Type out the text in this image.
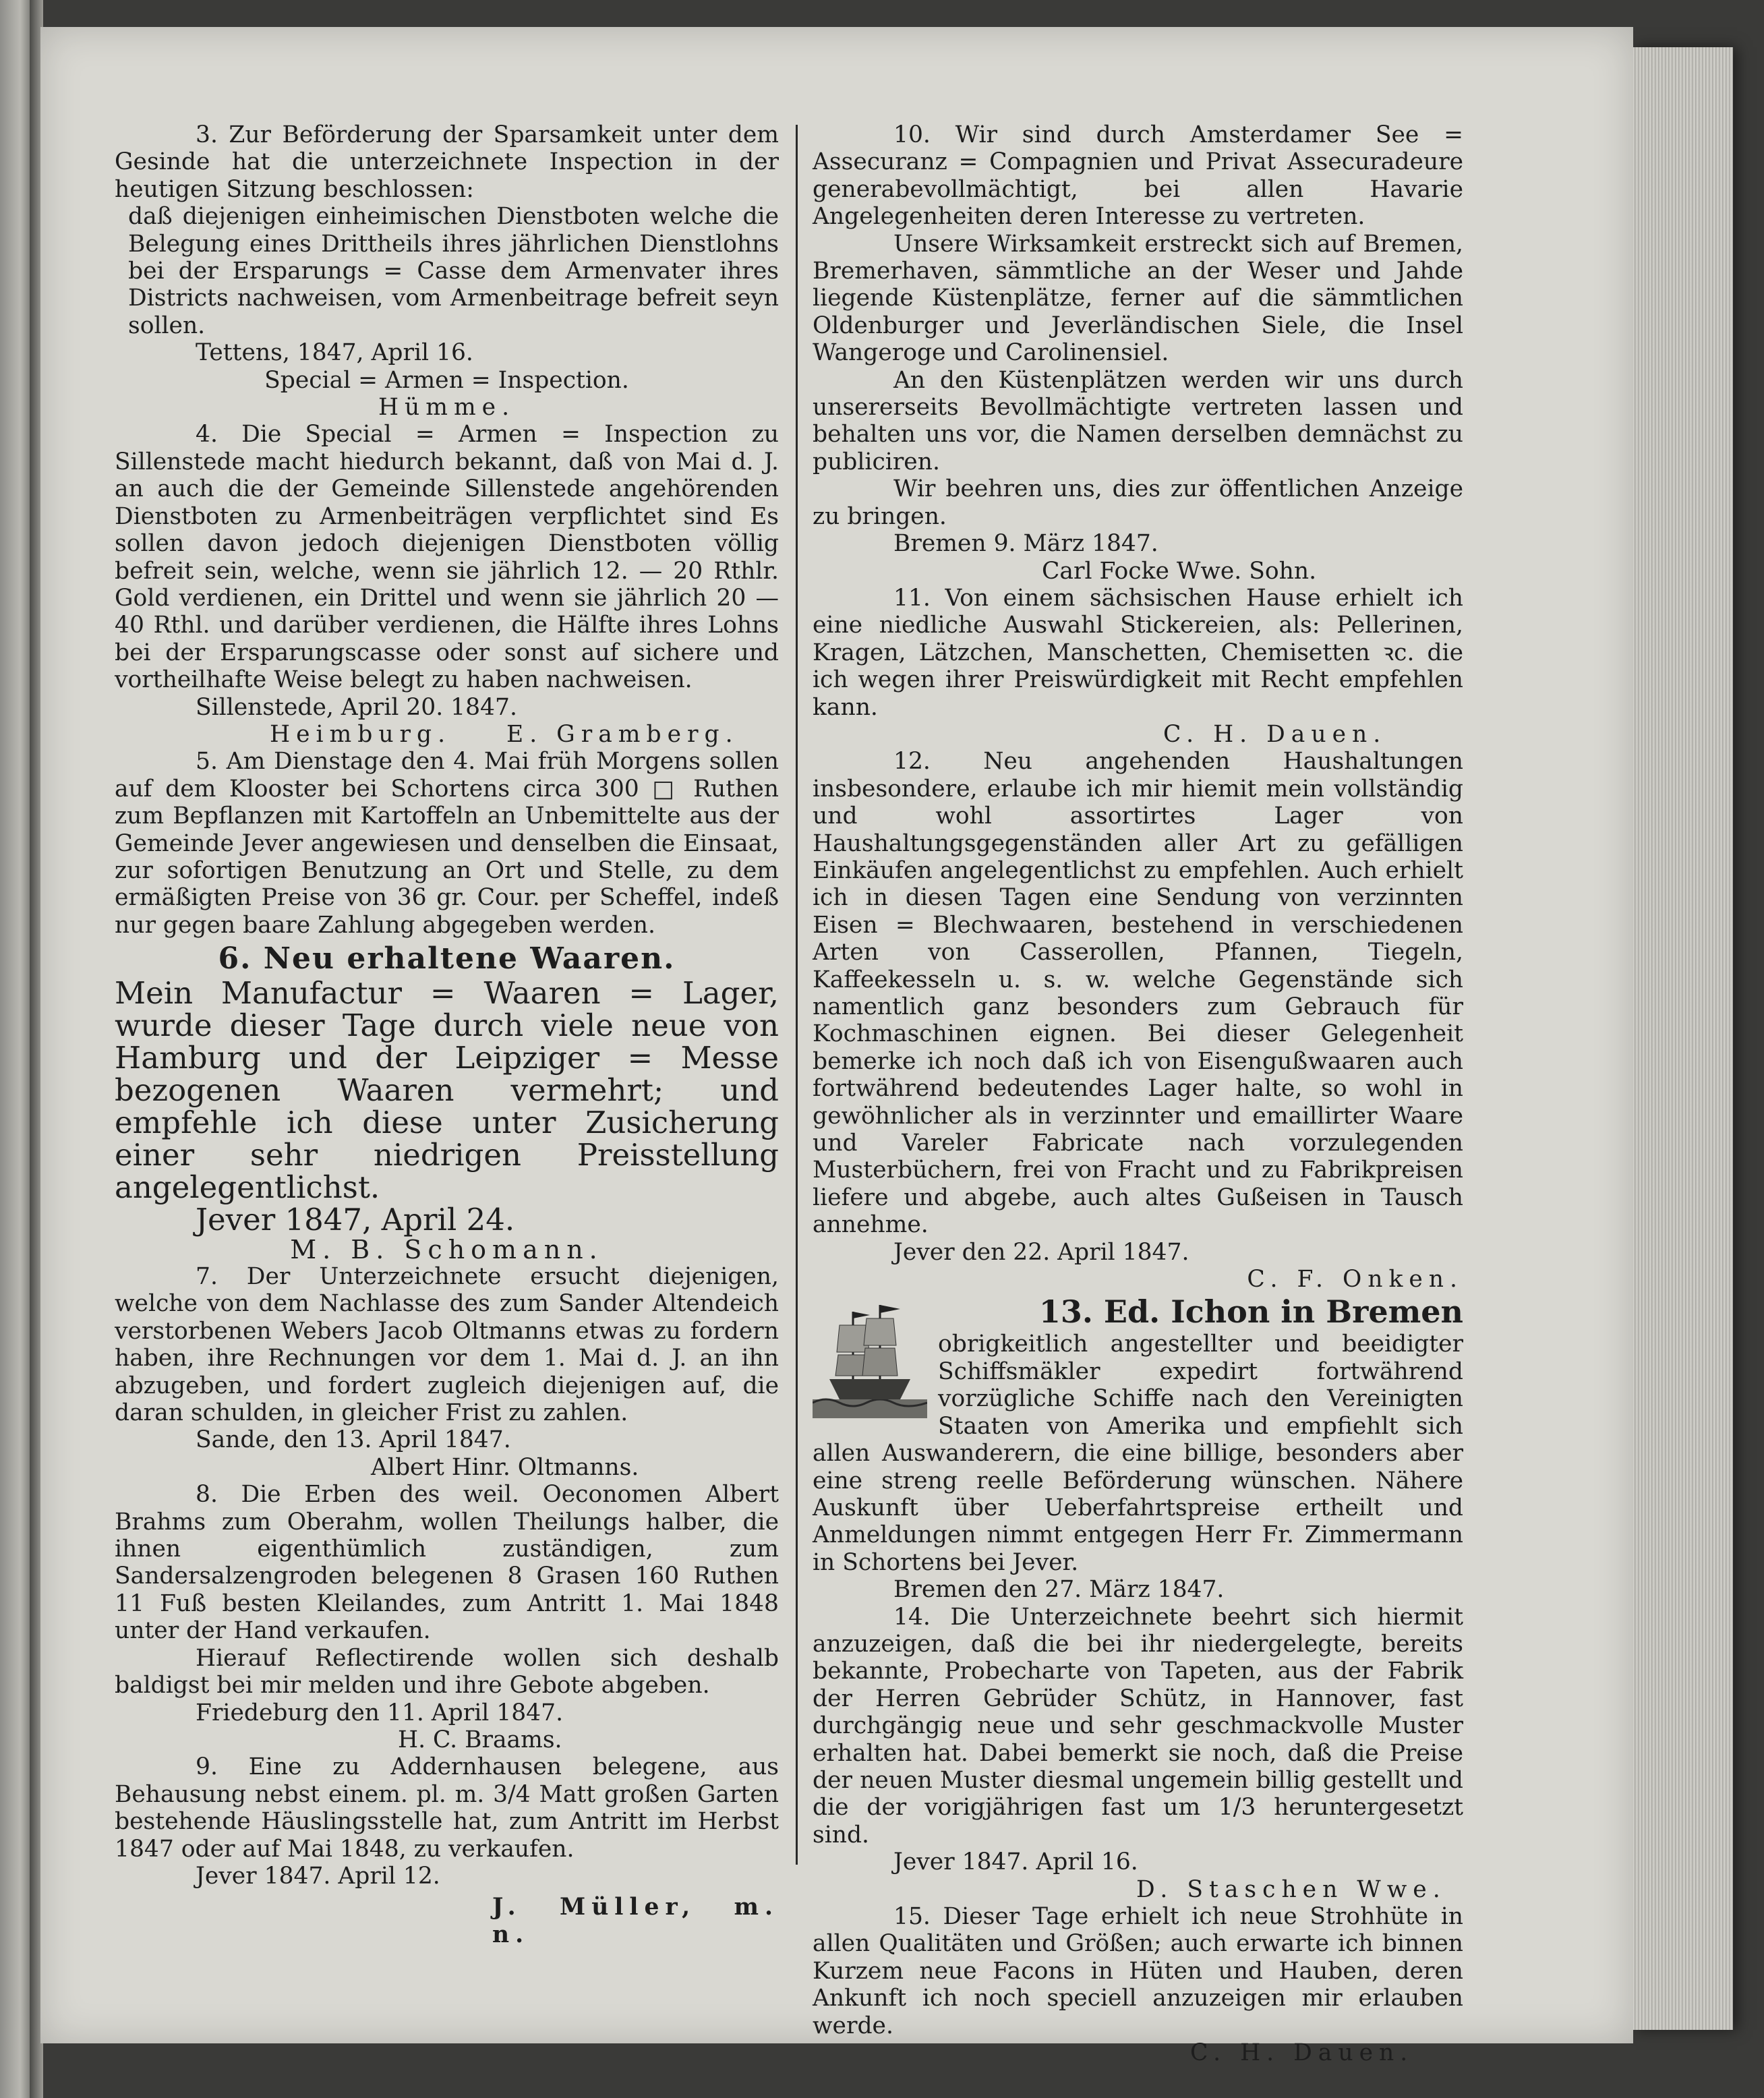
3. Zur Beförderung der Sparsamkeit unter dem Gesinde hat die unterzeichnete Inspection in der heutigen Sitzung beschlossen:

daß diejenigen einheimischen Dienstboten welche die Belegung eines Drittheils ihres jährlichen Dienstlohns bei der Ersparungs = Casse dem Armenvater ihres Districts nachweisen, vom Armenbeitrage befreit seyn sollen.

Tettens, 1847, April 16.

Special = Armen = Inspection.

Hümme.

4. Die Special = Armen = Inspection zu Sillenstede macht hiedurch bekannt, daß von Mai d. J. an auch die der Gemeinde Sillenstede angehörenden Dienstboten zu Armenbeiträgen verpflichtet sind Es sollen davon jedoch diejenigen Dienstboten völlig befreit sein, welche, wenn sie jährlich 12. — 20 Rthlr. Gold verdienen, ein Drittel und wenn sie jährlich 20 — 40 Rthl. und darüber verdienen, die Hälfte ihres Lohns bei der Ersparungscasse oder sonst auf sichere und vortheilhafte Weise belegt zu haben nachweisen.

Sillenstede, April 20. 1847.

Heimburg. E. Gramberg.

5. Am Dienstage den 4. Mai früh Morgens sollen auf dem Klooster bei Schortens circa 300 □ Ruthen zum Bepflanzen mit Kartoffeln an Unbemittelte aus der Gemeinde Jever angewiesen und denselben die Einsaat, zur sofortigen Benutzung an Ort und Stelle, zu dem ermäßigten Preise von 36 gr. Cour. per Scheffel, indeß nur gegen baare Zahlung abgegeben werden.

6. Neu erhaltene Waaren.

Mein Manufactur = Waaren = Lager, wurde dieser Tage durch viele neue von Hamburg und der Leipziger = Messe bezogenen Waaren vermehrt; und empfehle ich diese unter Zusicherung einer sehr niedrigen Preisstellung angelegentlichst.

Jever 1847, April 24.

M. B. Schomann.

7. Der Unterzeichnete ersucht diejenigen, welche von dem Nachlasse des zum Sander Altendeich verstorbenen Webers Jacob Oltmanns etwas zu fordern haben, ihre Rechnungen vor dem 1. Mai d. J. an ihn abzugeben, und fordert zugleich diejenigen auf, die daran schulden, in gleicher Frist zu zahlen.

Sande, den 13. April 1847.

Albert Hinr. Oltmanns.

8. Die Erben des weil. Oeconomen Albert Brahms zum Oberahm, wollen Theilungs halber, die ihnen eigenthümlich zuständigen, zum Sandersalzengroden belegenen 8 Grasen 160 Ruthen 11 Fuß besten Kleilandes, zum Antritt 1. Mai 1848 unter der Hand verkaufen.

Hierauf Reflectirende wollen sich deshalb baldigst bei mir melden und ihre Gebote abgeben.

Friedeburg den 11. April 1847.

H. C. Braams.

9. Eine zu Addernhausen belegene, aus Behausung nebst einem. pl. m. 3/4 Matt großen Garten bestehende Häuslingsstelle hat, zum Antritt im Herbst 1847 oder auf Mai 1848, zu verkaufen.

Jever 1847. April 12.

J. Müller, m. n.

10. Wir sind durch Amsterdamer See = Assecuranz = Compagnien und Privat Assecuradeure generabevollmächtigt, bei allen Havarie Angelegenheiten deren Interesse zu vertreten.

Unsere Wirksamkeit erstreckt sich auf Bremen, Bremerhaven, sämmtliche an der Weser und Jahde liegende Küstenplätze, ferner auf die sämmtlichen Oldenburger und Jeverländischen Siele, die Insel Wangeroge und Carolinensiel.

An den Küstenplätzen werden wir uns durch unsererseits Bevollmächtigte vertreten lassen und behalten uns vor, die Namen derselben demnächst zu publiciren.

Wir beehren uns, dies zur öffentlichen Anzeige zu bringen.

Bremen 9. März 1847.

Carl Focke Wwe. Sohn.

11. Von einem sächsischen Hause erhielt ich eine niedliche Auswahl Stickereien, als: Pellerinen, Kragen, Lätzchen, Manschetten, Chemisetten ꝛc. die ich wegen ihrer Preiswürdigkeit mit Recht empfehlen kann.

C. H. Dauen.

12. Neu angehenden Haushaltungen insbesondere, erlaube ich mir hiemit mein vollständig und wohl assortirtes Lager von Haushaltungsgegenständen aller Art zu gefälligen Einkäufen angelegentlichst zu empfehlen. Auch erhielt ich in diesen Tagen eine Sendung von verzinnten Eisen = Blechwaaren, bestehend in verschiedenen Arten von Casserollen, Pfannen, Tiegeln, Kaffeekesseln u. s. w. welche Gegenstände sich namentlich ganz besonders zum Gebrauch für Kochmaschinen eignen. Bei dieser Gelegenheit bemerke ich noch daß ich von Eisengußwaaren auch fortwährend bedeutendes Lager halte, so wohl in gewöhnlicher als in verzinnter und emaillirter Waare und Vareler Fabricate nach vorzulegenden Musterbüchern, frei von Fracht und zu Fabrikpreisen liefere und abgebe, auch altes Gußeisen in Tausch annehme.

Jever den 22. April 1847.

C. F. Onken.

13. Ed. Ichon in Bremen

obrigkeitlich angestellter und beeidigter Schiffsmäkler expedirt fortwährend vorzügliche Schiffe nach den Vereinigten Staaten von Amerika und empfiehlt sich allen Auswanderern, die eine billige, besonders aber eine streng reelle Beförderung wünschen. Nähere Auskunft über Ueberfahrtspreise ertheilt und Anmeldungen nimmt entgegen Herr Fr. Zimmermann in Schortens bei Jever.

Bremen den 27. März 1847.

14. Die Unterzeichnete beehrt sich hiermit anzuzeigen, daß die bei ihr niedergelegte, bereits bekannte, Probecharte von Tapeten, aus der Fabrik der Herren Gebrüder Schütz, in Hannover, fast durchgängig neue und sehr geschmackvolle Muster erhalten hat. Dabei bemerkt sie noch, daß die Preise der neuen Muster diesmal ungemein billig gestellt und die der vorigjährigen fast um 1/3 heruntergesetzt sind.

Jever 1847. April 16.

D. Staschen Wwe.

15. Dieser Tage erhielt ich neue Strohhüte in allen Qualitäten und Größen; auch erwarte ich binnen Kurzem neue Facons in Hüten und Hauben, deren Ankunft ich noch speciell anzuzeigen mir erlauben werde.

C. H. Dauen.
